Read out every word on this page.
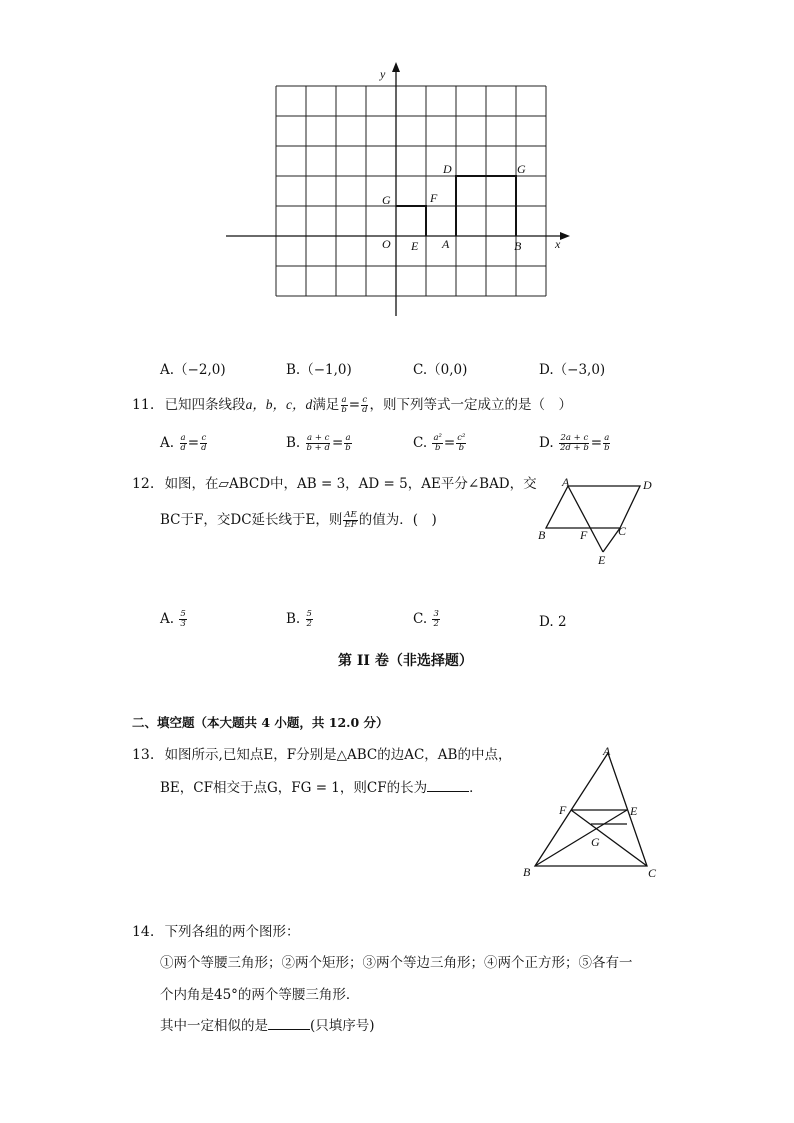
x
y
O E A	B
G	F
D	G
A.（−2,0)	B.（−1,0)	C.（0,0)	D.（−3,0)
11. 已知四条线段a，b，c，d满足 $\frac{a}{b} = \frac{c}{d}$ ，则下列等式一定成立的是（　）
A. $\frac{a}{d} = \frac{c}{d}$	B. $\frac{a + c}{b + d} = \frac{a}{b}$	C. $\frac{\text{a²}}{b} = \frac{\text{c²}}{b}$	D. $\frac{2a + c}{2d + b} = \frac{a}{b}$
12. 如图，在▱ABCD中，AB = 3，AD = 5，AE平分∠BAD，交
BC于F，交DC延长线于E，则 $\frac{AE}{EF}$ 的值为．(　)
A	D
B	F	C
E
A. $\frac{5}{3}$	B. $\frac{5}{2}$	C. $\frac{3}{2}$	D. 2
第 II 卷（非选择题）
二、填空题（本大题共 4 小题，共 12.0 分）
13. 如图所示,已知点E，F分别是△ABC的边AC，AB的中点，
BE，CF相交于点G，FG = 1，则CF的长为	．
A
F	E
G
B	C
14. 下列各组的两个图形：
①两个等腰三角形；②两个矩形；③两个等边三角形；④两个正方形；⑤各有一
个内角是45°的两个等腰三角形．
其中一定相似的是	(只填序号)
